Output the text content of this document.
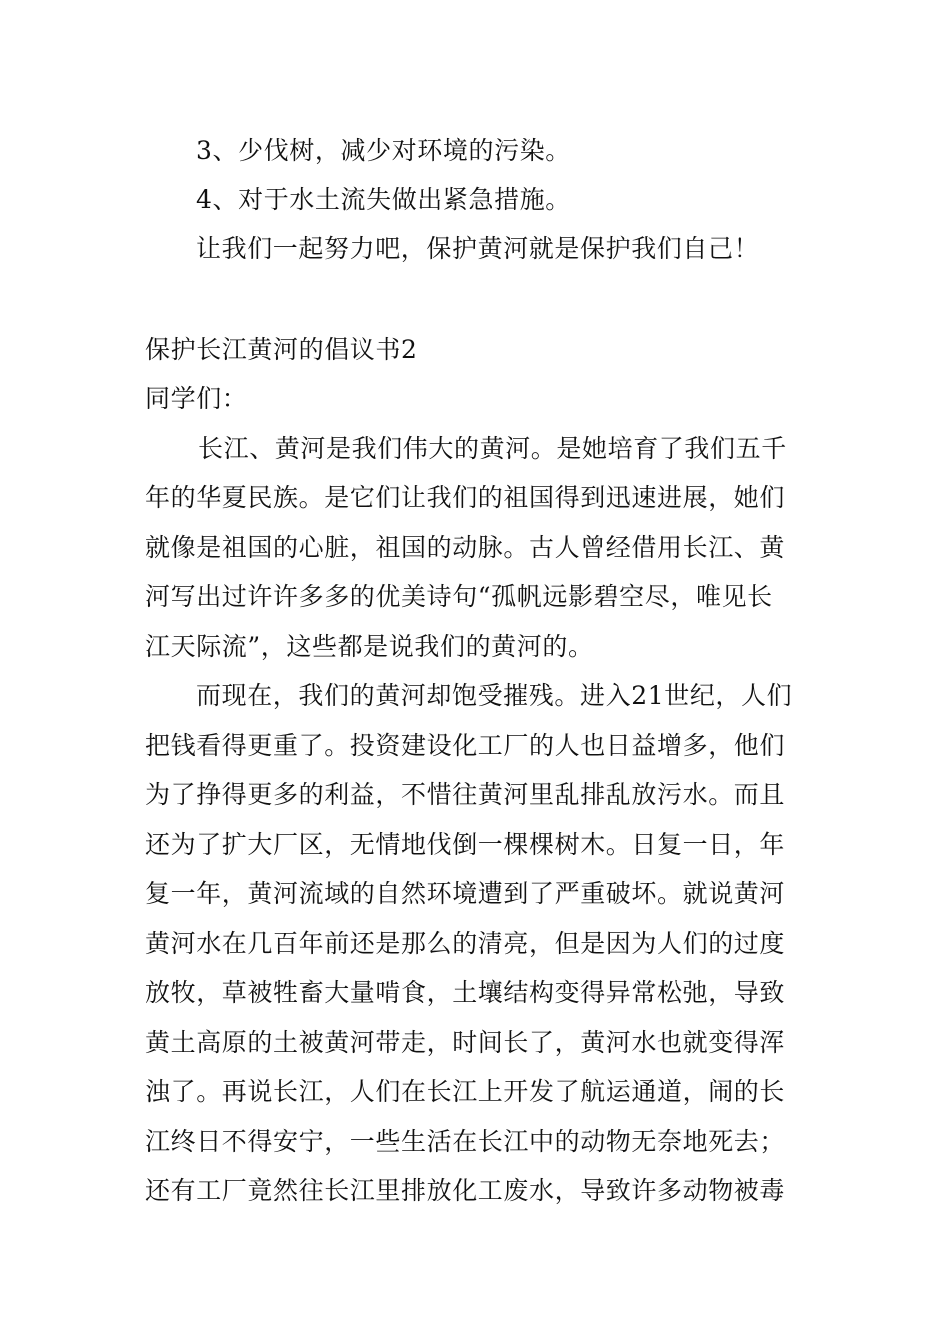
3、少伐树，减少对环境的污染。
4、对于水土流失做出紧急措施。
让我们一起努力吧，保护黄河就是保护我们自己！
保护长江黄河的倡议书2
同学们：
长江、黄河是我们伟大的黄河。是她培育了我们五千
年的华夏民族。是它们让我们的祖国得到迅速进展，她们
就像是祖国的心脏，祖国的动脉。古人曾经借用长江、黄
河写出过许许多多的优美诗句“孤帆远影碧空尽，唯见长
江天际流”，这些都是说我们的黄河的。
而现在，我们的黄河却饱受摧残。进入21世纪，人们
把钱看得更重了。投资建设化工厂的人也日益增多，他们
为了挣得更多的利益，不惜往黄河里乱排乱放污水。而且
还为了扩大厂区，无情地伐倒一棵棵树木。日复一日，年
复一年，黄河流域的自然环境遭到了严重破坏。就说黄河
黄河水在几百年前还是那么的清亮，但是因为人们的过度
放牧，草被牲畜大量啃食，土壤结构变得异常松弛，导致
黄土高原的土被黄河带走，时间长了，黄河水也就变得浑
浊了。再说长江，人们在长江上开发了航运通道，闹的长
江终日不得安宁，一些生活在长江中的动物无奈地死去；
还有工厂竟然往长江里排放化工废水，导致许多动物被毒
